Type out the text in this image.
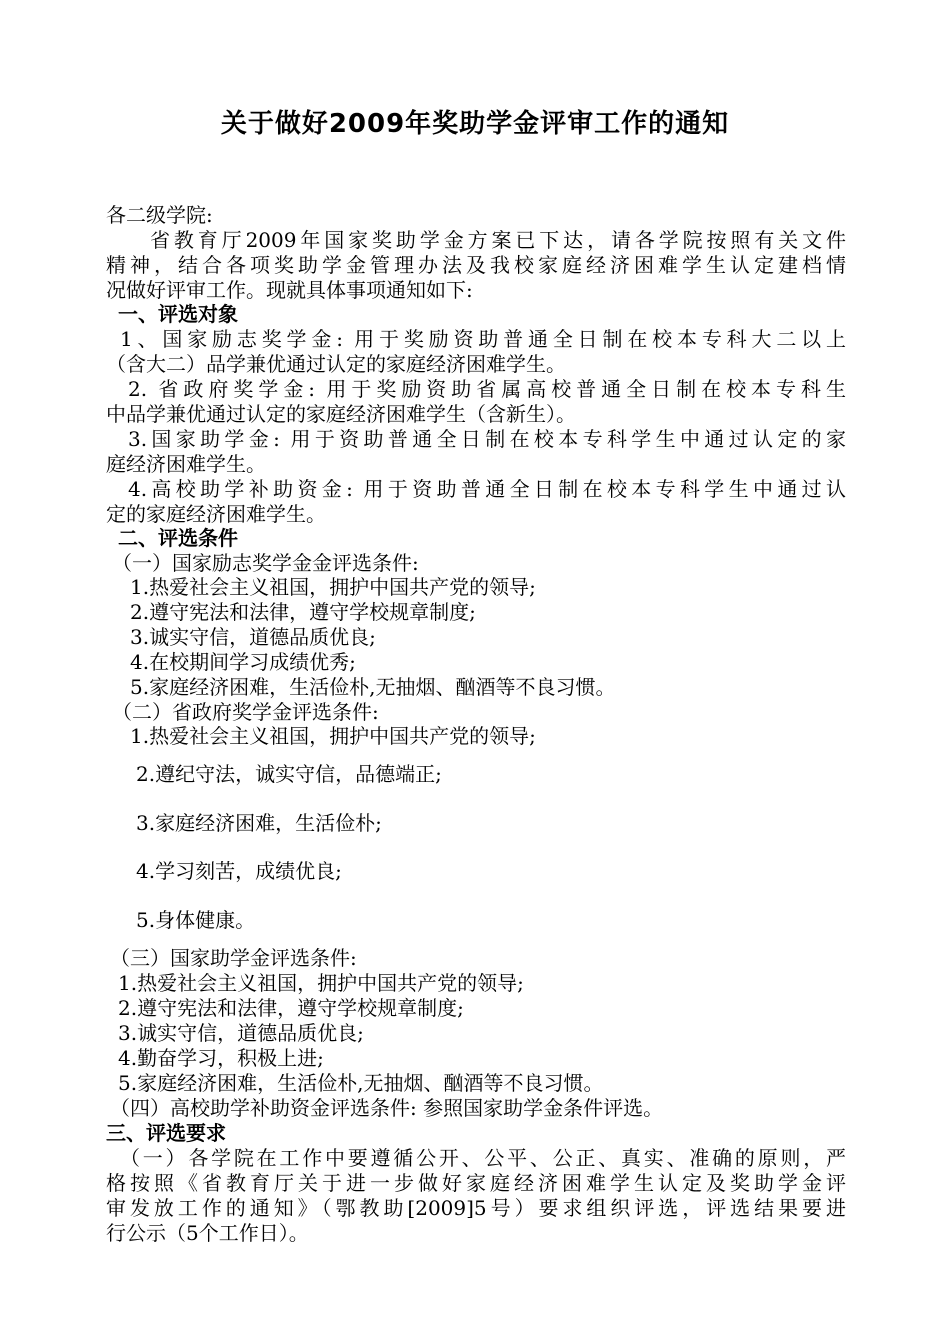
关于做好2009年奖助学金评审工作的通知
各二级学院:
省教育厅2009年国家奖助学金方案已下达，请各学院按照有关文件
精神，结合各项奖助学金管理办法及我校家庭经济困难学生认定建档情
况做好评审工作。现就具体事项通知如下:
一、评选对象
1、国家励志奖学金: 用于奖励资助普通全日制在校本专科大二以上
（含大二）品学兼优通过认定的家庭经济困难学生。
2. 省政府奖学金: 用于奖励资助省属高校普通全日制在校本专科生
中品学兼优通过认定的家庭经济困难学生（含新生）。
3.国家助学金: 用于资助普通全日制在校本专科学生中通过认定的家
庭经济困难学生。
4.高校助学补助资金: 用于资助普通全日制在校本专科学生中通过认
定的家庭经济困难学生。
二、评选条件
（一）国家励志奖学金金评选条件:
1.热爱社会主义祖国，拥护中国共产党的领导;
2.遵守宪法和法律，遵守学校规章制度;
3.诚实守信，道德品质优良;
4.在校期间学习成绩优秀;
5.家庭经济困难，生活俭朴,无抽烟、酗酒等不良习惯。
（二）省政府奖学金评选条件:
1.热爱社会主义祖国，拥护中国共产党的领导;
2.遵纪守法，诚实守信，品德端正;
3.家庭经济困难，生活俭朴;
4.学习刻苦，成绩优良;
5.身体健康。
（三）国家助学金评选条件:
1.热爱社会主义祖国，拥护中国共产党的领导;
2.遵守宪法和法律，遵守学校规章制度;
3.诚实守信，道德品质优良;
4.勤奋学习，积极上进;
5.家庭经济困难，生活俭朴,无抽烟、酗酒等不良习惯。
（四）高校助学补助资金评选条件: 参照国家助学金条件评选。
三、评选要求
（一）各学院在工作中要遵循公开、公平、公正、真实、准确的原则，严
格按照《省教育厅关于进一步做好家庭经济困难学生认定及奖助学金评
审发放工作的通知》（鄂教助[2009]5号）要求组织评选，评选结果要进
行公示（5个工作日）。
